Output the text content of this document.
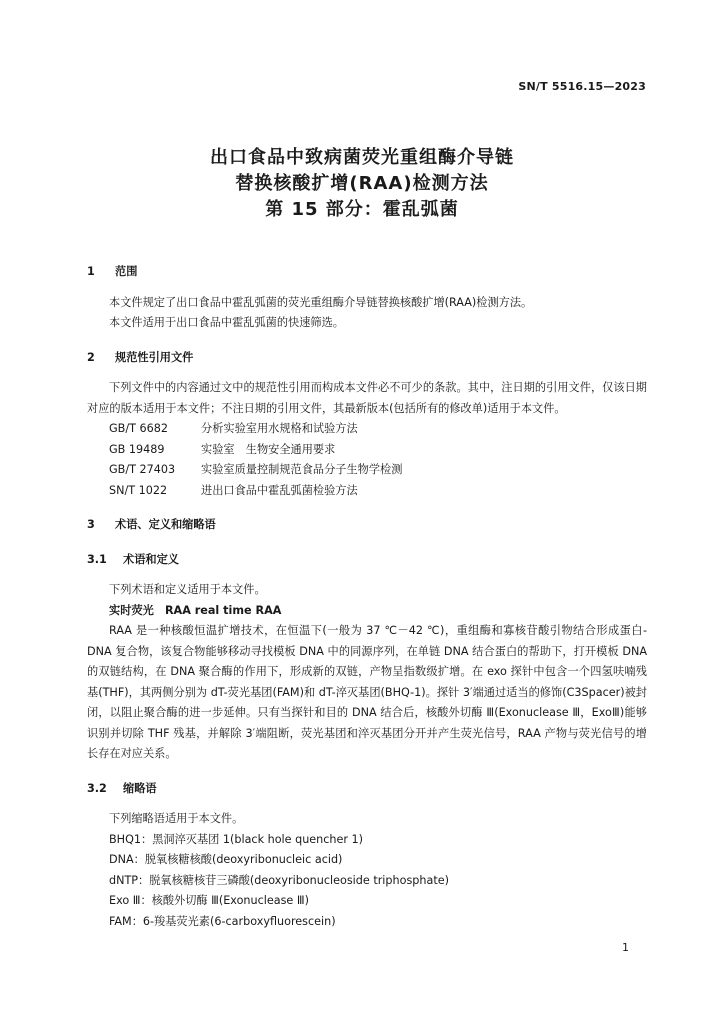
SN/T 5516.15—2023
出口食品中致病菌荧光重组酶介导链
替换核酸扩增(RAA)检测方法
第 15 部分：霍乱弧菌
1	范围
本文件规定了出口食品中霍乱弧菌的荧光重组酶介导链替换核酸扩增(RAA)检测方法。
本文件适用于出口食品中霍乱弧菌的快速筛选。
2	规范性引用文件
下列文件中的内容通过文中的规范性引用而构成本文件必不可少的条款。其中，注日期的引用文件，仅该日期对应的版本适用于本文件；不注日期的引用文件，其最新版本(包括所有的修改单)适用于本文件。
GB/T 6682	分析实验室用水规格和试验方法
GB 19489	实验室　生物安全通用要求
GB/T 27403 实验室质量控制规范食品分子生物学检测
SN/T 1022	进出口食品中霍乱弧菌检验方法
3	术语、定义和缩略语
3.1	术语和定义
下列术语和定义适用于本文件。
实时荧光　RAA real time RAA
RAA 是一种核酸恒温扩增技术，在恒温下(一般为 37 ℃－42 ℃)，重组酶和寡核苷酸引物结合形成蛋白-DNA 复合物，该复合物能够移动寻找模板 DNA 中的同源序列，在单链 DNA 结合蛋白的帮助下，打开模板 DNA 的双链结构，在 DNA 聚合酶的作用下，形成新的双链，产物呈指数级扩增。在 exo 探针中包含一个四氢呋喃残基(THF)，其两侧分别为 dT-荧光基团(FAM)和 dT-淬灭基团(BHQ-1)。探针 3′端通过适当的修饰(C3Spacer)被封闭，以阻止聚合酶的进一步延伸。只有当探针和目的 DNA 结合后，核酸外切酶 Ⅲ(Exonuclease Ⅲ，ExoⅢ)能够识别并切除 THF 残基，并解除 3′端阻断，荧光基团和淬灭基团分开并产生荧光信号，RAA 产物与荧光信号的增长存在对应关系。
3.2	缩略语
下列缩略语适用于本文件。
BHQ1：黑洞淬灭基团 1(black hole quencher 1)
DNA：脱氧核糖核酸(deoxyribonucleic acid)
dNTP：脱氧核糖核苷三磷酸(deoxyribonucleoside triphosphate)
Exo Ⅲ：核酸外切酶 Ⅲ(Exonuclease Ⅲ)
FAM：6-羧基荧光素(6-carboxyfluorescein)
1
